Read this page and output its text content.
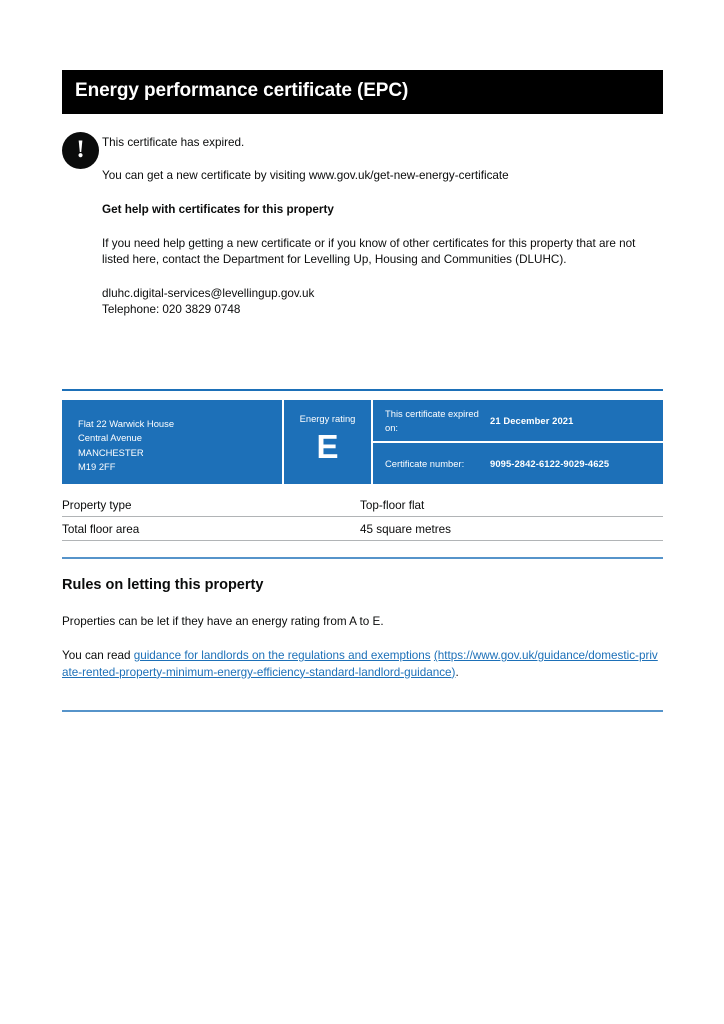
Energy performance certificate (EPC)
!	This certificate has expired.

You can get a new certificate by visiting www.gov.uk/get-new-energy-certificate

Get help with certificates for this property

If you need help getting a new certificate or if you know of other certificates for this property that are not listed here, contact the Department for Levelling Up, Housing and Communities (DLUHC).

dluhc.digital-services@levellingup.gov.uk

Telephone: 020 3829 0748

Flat 22 Warwick House
Central Avenue
MANCHESTER
M19 2FF
Energy rating
E
This certificate expired on:
21 December 2021
Certificate number:	9095-2842-6122-9029-4625
Property type	Top-floor flat
Total floor area	45 square metres
Rules on letting this property

Properties can be let if they have an energy rating from A to E.

You can read guidance for landlords on the regulations and exemptions (https://www.gov.uk/guidance/domestic-private-rented-property-minimum-energy-efficiency-standard-landlord-guidance).
